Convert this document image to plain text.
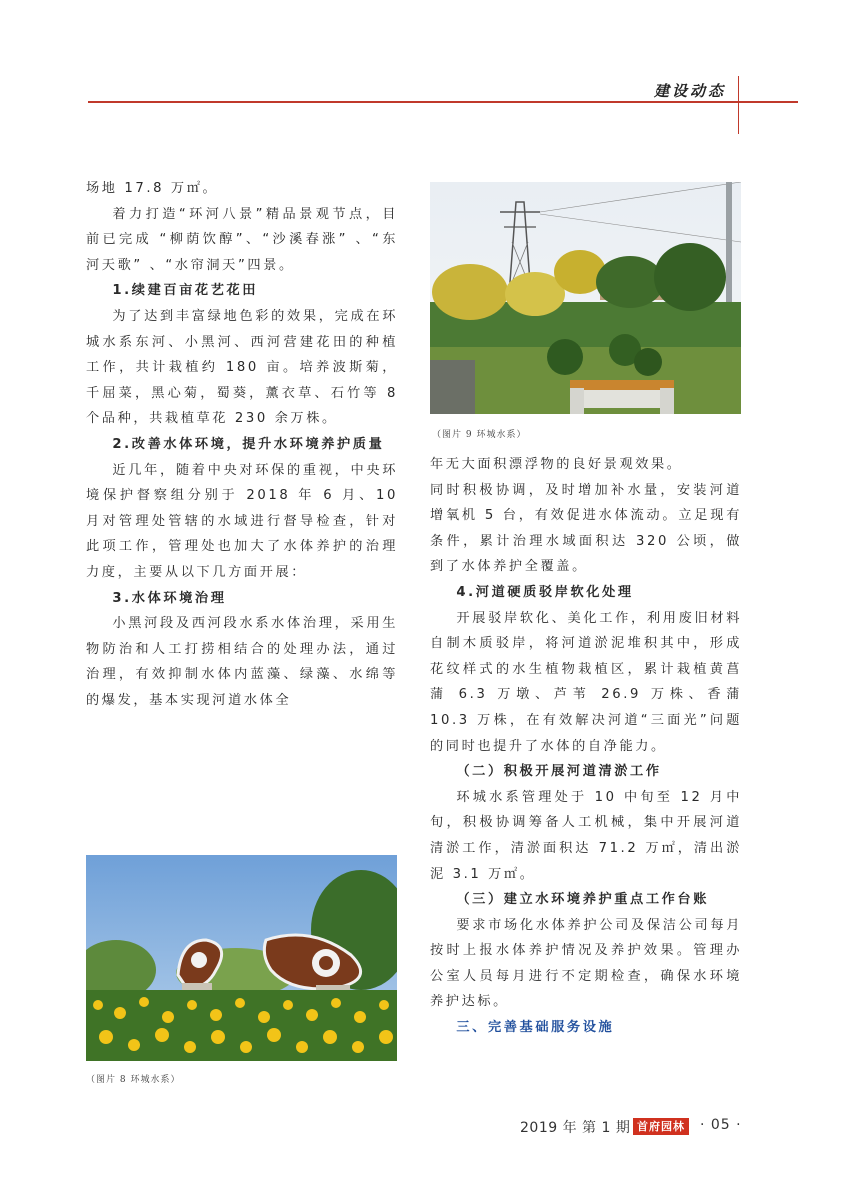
建设动态

场地 17.8 万㎡。

着力打造“环河八景”精品景观节点，目前已完成 “柳荫饮醇”、“沙溪春涨” 、“东河天歌” 、“水帘洞天”四景。

1.续建百亩花艺花田

为了达到丰富绿地色彩的效果，完成在环城水系东河、小黑河、西河营建花田的种植工作，共计栽植约 180 亩。培养波斯菊，千屈菜，黑心菊，蜀葵，薰衣草、石竹等 8 个品种，共栽植草花 230 余万株。

2.改善水体环境，提升水环境养护质量

近几年，随着中央对环保的重视，中央环境保护督察组分别于 2018 年 6 月、10 月对管理处管辖的水域进行督导检查，针对此项工作，管理处也加大了水体养护的治理力度，主要从以下几方面开展：

3.水体环境治理

小黑河段及西河段水系水体治理，采用生物防治和人工打捞相结合的处理办法，通过治理，有效抑制水体内蓝藻、绿藻、水绵等的爆发，基本实现河道水体全

年无大面积漂浮物的良好景观效果。

同时积极协调，及时增加补水量，安装河道增氧机 5 台，有效促进水体流动。立足现有条件，累计治理水域面积达 320 公顷，做到了水体养护全覆盖。

4.河道硬质驳岸软化处理

开展驳岸软化、美化工作，利用废旧材料自制木质驳岸，将河道淤泥堆积其中，形成花纹样式的水生植物栽植区，累计栽植黄菖蒲 6.3 万墩、芦苇 26.9 万株、香蒲 10.3 万株，在有效解决河道“三面光”问题的同时也提升了水体的自净能力。

（二）积极开展河道清淤工作

环城水系管理处于 10 中旬至 12 月中旬，积极协调筹备人工机械，集中开展河道清淤工作，清淤面积达 71.2 万㎡，清出淤泥 3.1 万㎡。

（三）建立水环境养护重点工作台账

要求市场化水体养护公司及保洁公司每月按时上报水体养护情况及养护效果。管理办公室人员每月进行不定期检查，确保水环境养护达标。

三、完善基础服务设施

（图片 9 环城水系）
（图片 8 环城水系）
2019 年 第 1 期 首府园林 · 05 ·
